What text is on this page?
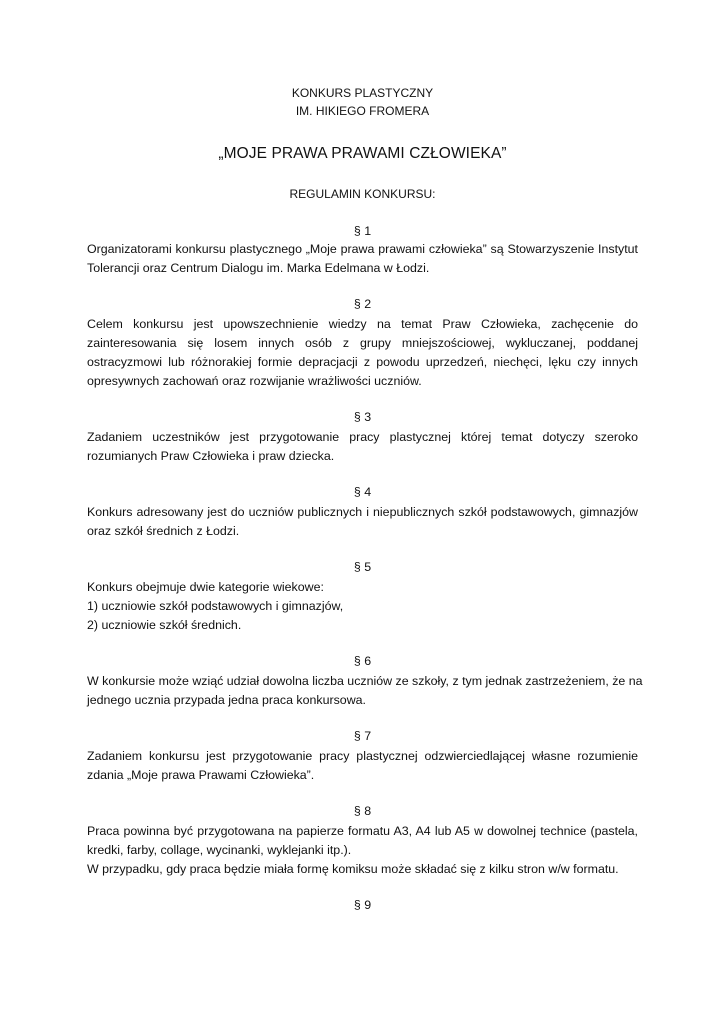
KONKURS PLASTYCZNY
IM. HIKIEGO FROMERA
„MOJE PRAWA PRAWAMI CZŁOWIEKA”
REGULAMIN KONKURSU:
§ 1
Organizatorami konkursu plastycznego „Moje prawa prawami człowieka” są Stowarzyszenie Instytut
Tolerancji oraz Centrum Dialogu im. Marka Edelmana w Łodzi.
§ 2
Celem konkursu jest upowszechnienie wiedzy na temat Praw Człowieka, zachęcenie do
zainteresowania się losem innych osób z grupy mniejszościowej, wykluczanej, poddanej
ostracyzmowi lub różnorakiej formie depracjacji z powodu uprzedzeń, niechęci, lęku czy innych
opresywnych zachowań oraz rozwijanie wrażliwości uczniów.
§ 3
Zadaniem uczestników jest przygotowanie pracy plastycznej której temat dotyczy szeroko
rozumianych Praw Człowieka i praw dziecka.
§ 4
Konkurs adresowany jest do uczniów publicznych i niepublicznych szkół podstawowych, gimnazjów
oraz szkół średnich z Łodzi.
§ 5
Konkurs obejmuje dwie kategorie wiekowe:
1) uczniowie szkół podstawowych i gimnazjów,
2) uczniowie szkół średnich.
§ 6
W konkursie może wziąć udział dowolna liczba uczniów ze szkoły, z tym jednak zastrzeżeniem, że na
jednego ucznia przypada jedna praca konkursowa.
§ 7
Zadaniem konkursu jest przygotowanie pracy plastycznej odzwierciedlającej własne rozumienie
zdania „Moje prawa Prawami Człowieka”.
§ 8
Praca powinna być przygotowana na papierze formatu A3, A4 lub A5 w dowolnej technice (pastela,
kredki, farby, collage, wycinanki, wyklejanki itp.).
W przypadku, gdy praca będzie miała formę komiksu może składać się z kilku stron w/w formatu.
§ 9
